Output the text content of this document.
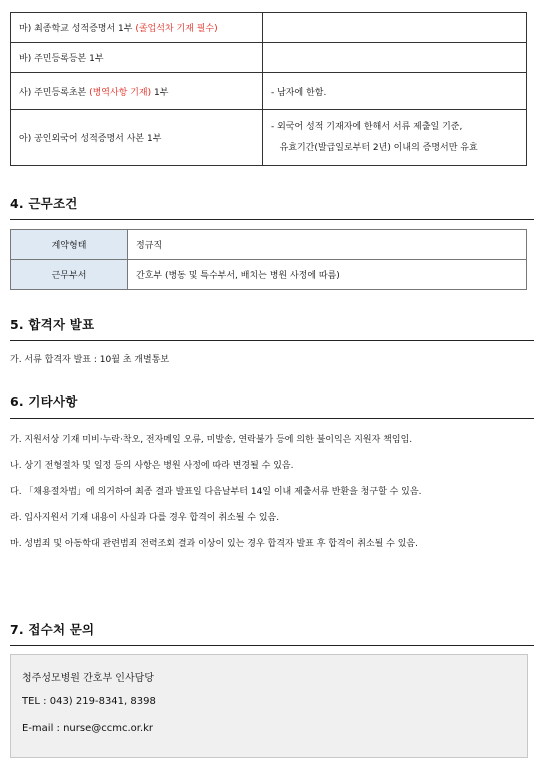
마) 최종학교 성적증명서 1부 (졸업석차 기재 필수)	
바) 주민등록등본 1부	
사) 주민등록초본 (병역사항 기재) 1부	- 남자에 한함.
아) 공인외국어 성적증명서 사본 1부	- 외국어 성적 기재자에 한해서 서류 제출일 기준,
유효기간(발급일로부터 2년) 이내의 증명서만 유효
4. 근무조건
계약형태	정규직
근무부서	간호부 (병동 및 특수부서, 배치는 병원 사정에 따름)
5. 합격자 발표
가. 서류 합격자 발표 : 10월 초 개별통보
6. 기타사항
가. 지원서상 기재 미비·누락·착오, 전자메일 오류, 미발송, 연락불가 등에 의한 불이익은 지원자 책임임.
나. 상기 전형절차 및 일정 등의 사항은 병원 사정에 따라 변경될 수 있음.
다. 「채용절차법」에 의거하여 최종 결과 발표일 다음날부터 14일 이내 제출서류 반환을 청구할 수 있음.
라. 입사지원서 기재 내용이 사실과 다를 경우 합격이 취소될 수 있음.
마. 성범죄 및 아동학대 관련범죄 전력조회 결과 이상이 있는 경우 합격자 발표 후 합격이 취소될 수 있음.
7. 접수처 문의
청주성모병원 간호부 인사담당
TEL : 043) 219-8341, 8398
E-mail : nurse@ccmc.or.kr
